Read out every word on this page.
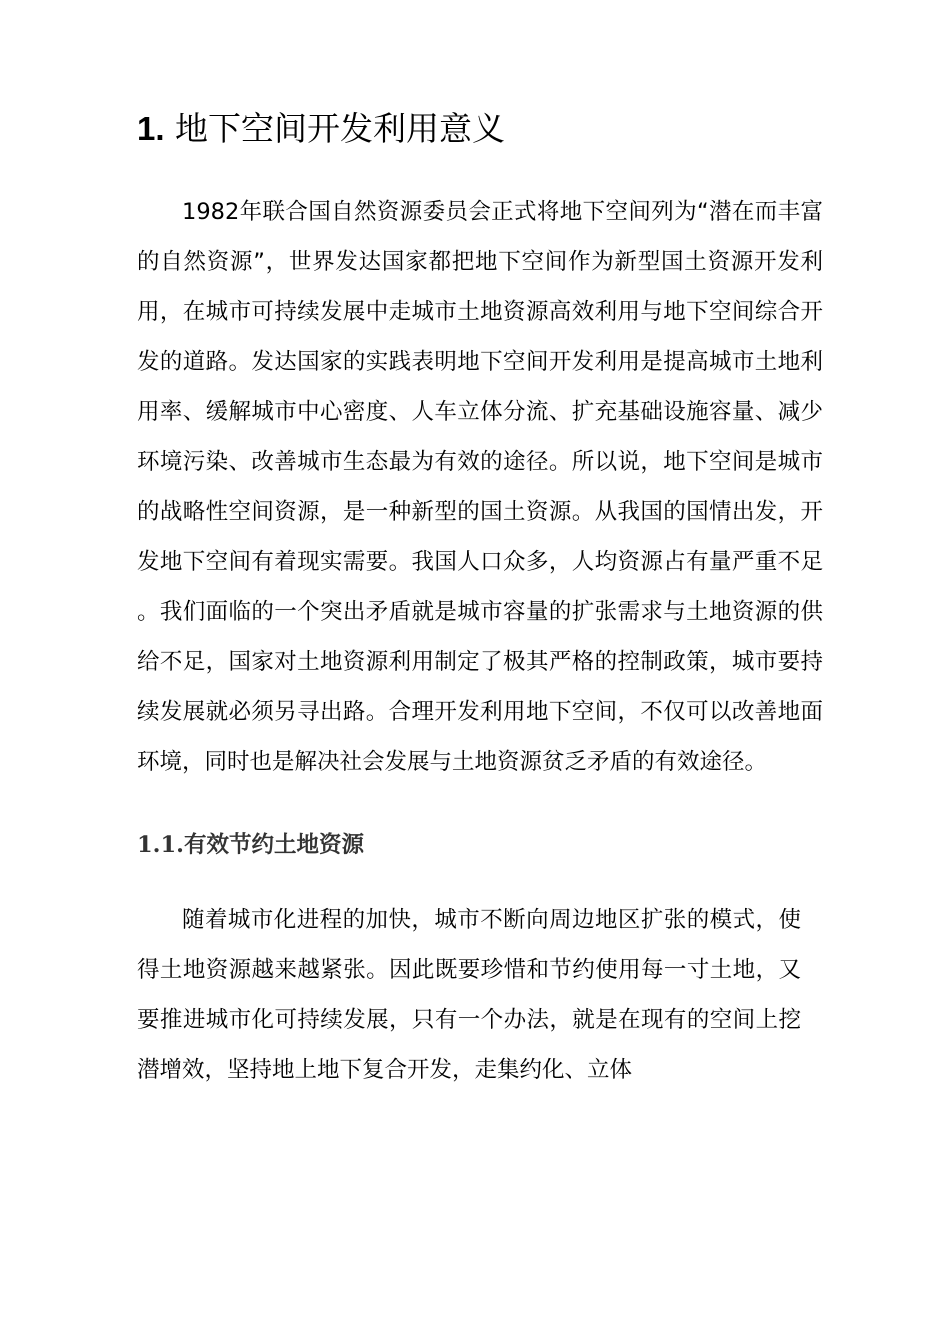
1. 地下空间开发利用意义

1982年联合国自然资源委员会正式将地下空间列为“潜在而丰富的自然资源”，世界发达国家都把地下空间作为新型国土资源开发利用，在城市可持续发展中走城市土地资源高效利用与地下空间综合开发的道路。发达国家的实践表明地下空间开发利用是提高城市土地利用率、缓解城市中心密度、人车立体分流、扩充基础设施容量、减少环境污染、改善城市生态最为有效的途径。所以说，地下空间是城市的战略性空间资源，是一种新型的国土资源。从我国的国情出发，开发地下空间有着现实需要。我国人口众多，人均资源占有量严重不足。我们面临的一个突出矛盾就是城市容量的扩张需求与土地资源的供给不足，国家对土地资源利用制定了极其严格的控制政策，城市要持续发展就必须另寻出路。合理开发利用地下空间，不仅可以改善地面环境，同时也是解决社会发展与土地资源贫乏矛盾的有效途径。

1.1.有效节约土地资源

随着城市化进程的加快，城市不断向周边地区扩张的模式，使得土地资源越来越紧张。因此既要珍惜和节约使用每一寸土地，又要推进城市化可持续发展，只有一个办法，就是在现有的空间上挖潜增效，坚持地上地下复合开发，走集约化、立体
